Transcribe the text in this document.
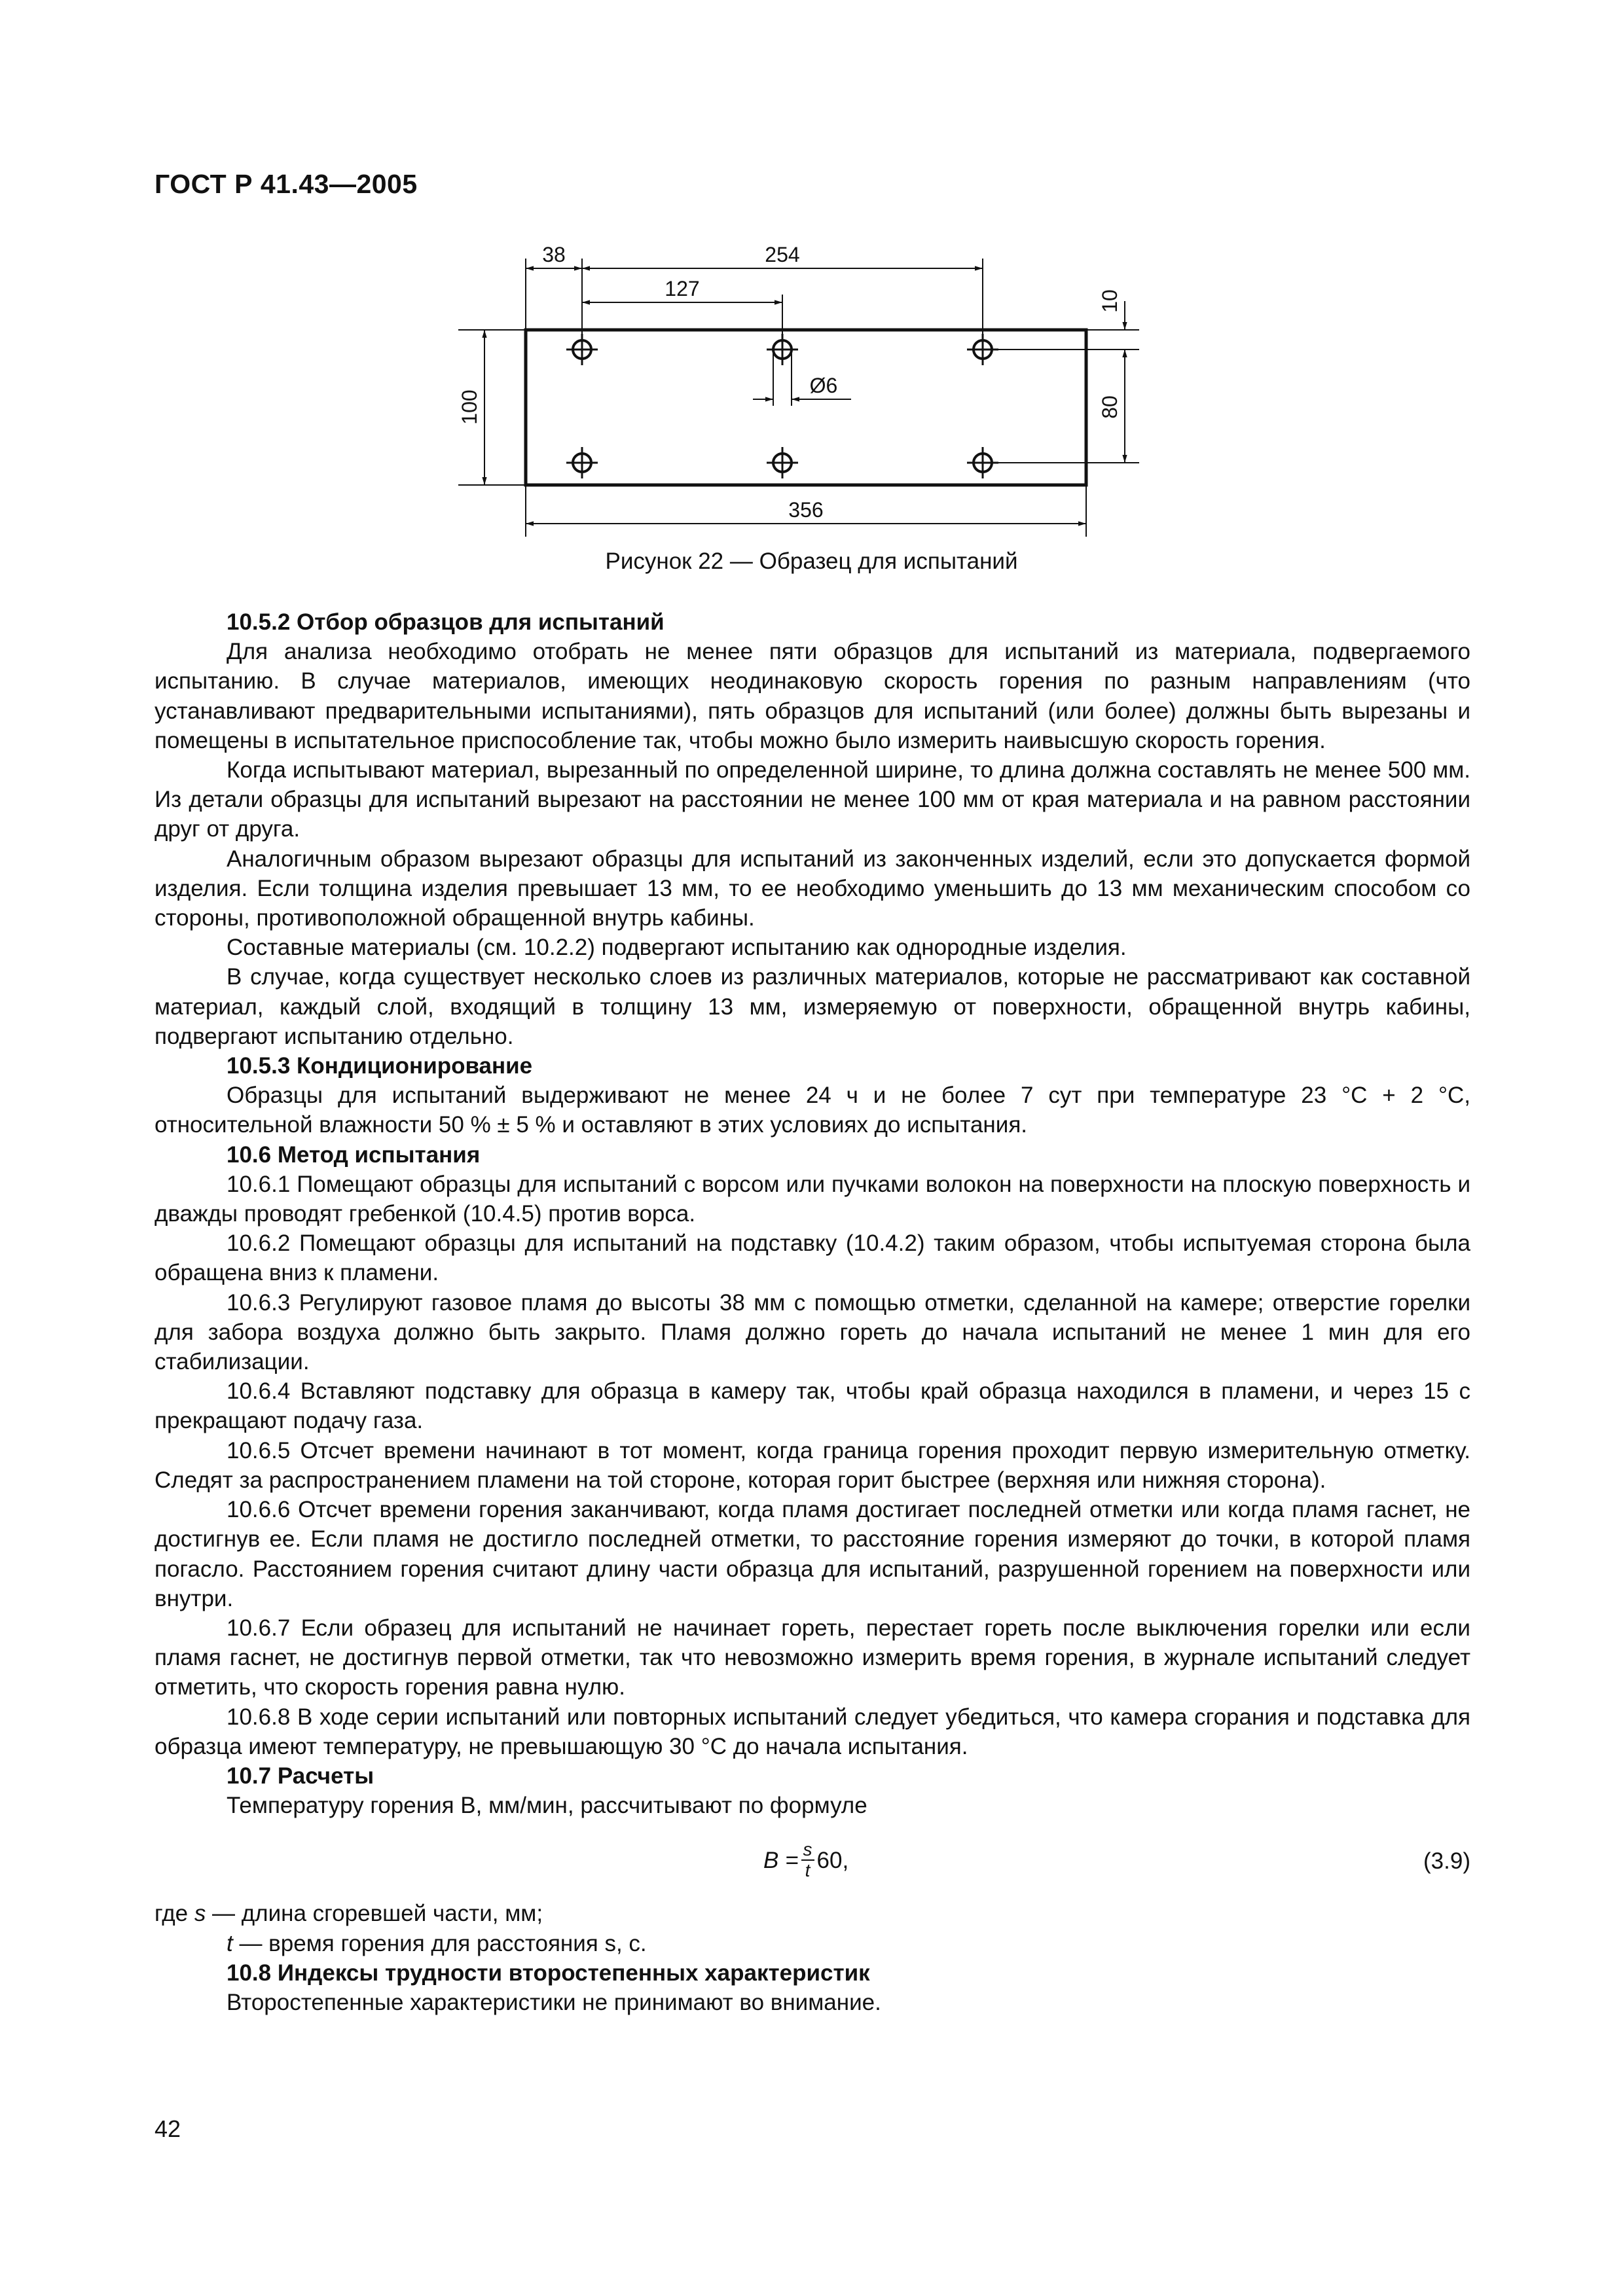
ГОСТ Р 41.43—2005
38	254
127
Ø6
356
100
10
80
Рисунок 22 — Образец для испытаний

10.5.2 Отбор образцов для испытаний

Для анализа необходимо отобрать не менее пяти образцов для испытаний из материала, подвергаемого испытанию. В случае материалов, имеющих неодинаковую скорость горения по разным направлениям (что устанавливают предварительными испытаниями), пять образцов для испытаний (или более) должны быть вырезаны и помещены в испытательное приспособление так, чтобы можно было измерить наивысшую скорость горения.

Когда испытывают материал, вырезанный по определенной ширине, то длина должна составлять не менее 500 мм. Из детали образцы для испытаний вырезают на расстоянии не менее 100 мм от края материала и на равном расстоянии друг от друга.

Аналогичным образом вырезают образцы для испытаний из законченных изделий, если это допускается формой изделия. Если толщина изделия превышает 13 мм, то ее необходимо уменьшить до 13 мм механическим способом со стороны, противоположной обращенной внутрь кабины.

Составные материалы (см. 10.2.2) подвергают испытанию как однородные изделия.

В случае, когда существует несколько слоев из различных материалов, которые не рассматривают как составной материал, каждый слой, входящий в толщину 13 мм, измеряемую от поверхности, обращенной внутрь кабины, подвергают испытанию отдельно.

10.5.3 Кондиционирование

Образцы для испытаний выдерживают не менее 24 ч и не более 7 сут при температуре 23 °С + 2 °С, относительной влажности 50 % ± 5 % и оставляют в этих условиях до испытания.

10.6 Метод испытания

10.6.1 Помещают образцы для испытаний с ворсом или пучками волокон на поверхности на плоскую поверхность и дважды проводят гребенкой (10.4.5) против ворса.

10.6.2 Помещают образцы для испытаний на подставку (10.4.2) таким образом, чтобы испытуемая сторона была обращена вниз к пламени.

10.6.3 Регулируют газовое пламя до высоты 38 мм с помощью отметки, сделанной на камере; отверстие горелки для забора воздуха должно быть закрыто. Пламя должно гореть до начала испытаний не менее 1 мин для его стабилизации.

10.6.4 Вставляют подставку для образца в камеру так, чтобы край образца находился в пламени, и через 15 с прекращают подачу газа.

10.6.5 Отсчет времени начинают в тот момент, когда граница горения проходит первую измерительную отметку. Следят за распространением пламени на той стороне, которая горит быстрее (верхняя или нижняя сторона).

10.6.6 Отсчет времени горения заканчивают, когда пламя достигает последней отметки или когда пламя гаснет, не достигнув ее. Если пламя не достигло последней отметки, то расстояние горения измеряют до точки, в которой пламя погасло. Расстоянием горения считают длину части образца для испытаний, разрушенной горением на поверхности или внутри.

10.6.7 Если образец для испытаний не начинает гореть, перестает гореть после выключения горелки или если пламя гаснет, не достигнув первой отметки, так что невозможно измерить время горения, в журнале испытаний следует отметить, что скорость горения равна нулю.

10.6.8 В ходе серии испытаний или повторных испытаний следует убедиться, что камера сгорания и подставка для образца имеют температуру, не превышающую 30 °С до начала испытания.

10.7 Расчеты

Температуру горения B, мм/мин, рассчитывают по формуле

$B = \frac{s}{t} 60$,	(3.9)

где s — длина сгоревшей части, мм;

t — время горения для расстояния s, с.

10.8 Индексы трудности второстепенных характеристик

Второстепенные характеристики не принимают во внимание.

42
